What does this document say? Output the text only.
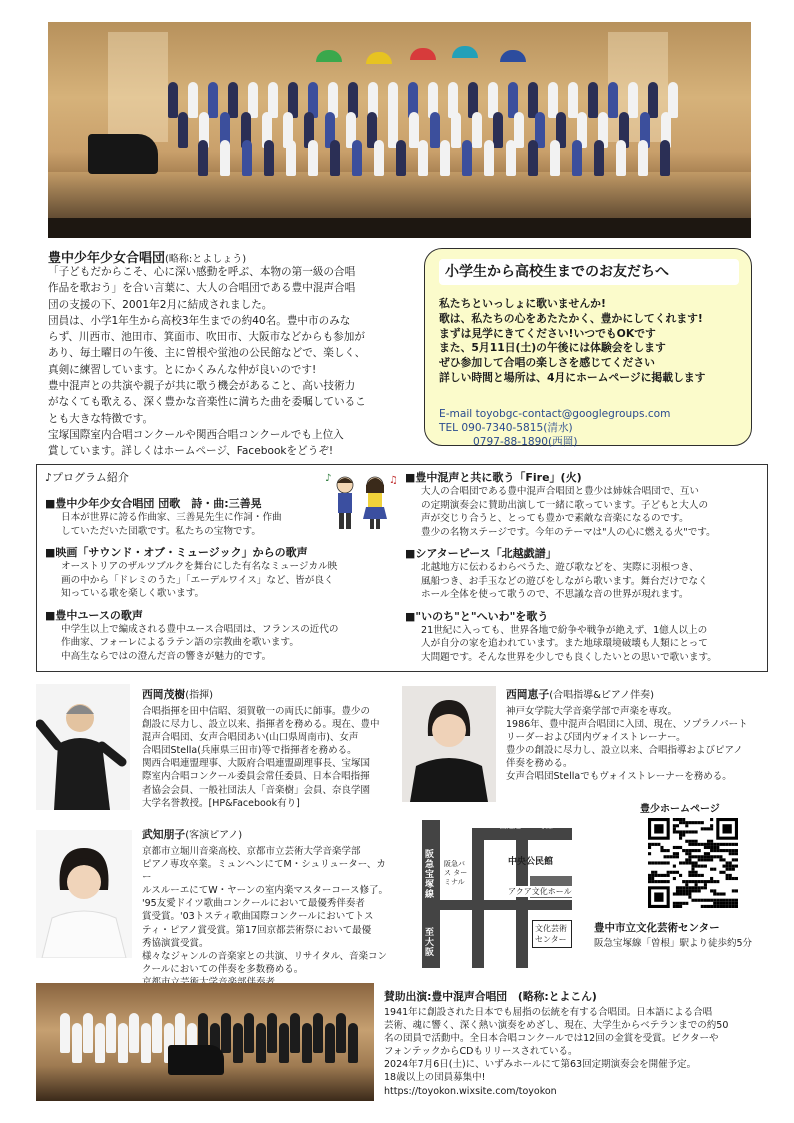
豊中少年少女合唱団(略称:とよしょう)
「子どもだからこそ、心に深い感動を呼ぶ、本物の第一級の合唱
作品を歌おう」を合い言葉に、大人の合唱団である豊中混声合唱
団の支援の下、2001年2月に結成されました。
団員は、小学1年生から高校3年生までの約40名。豊中市のみな
らず、川西市、池田市、箕面市、吹田市、大阪市などからも参加が
あり、毎土曜日の午後、主に曽根や蛍池の公民館などで、楽しく、
真剣に練習しています。とにかくみんな仲が良いのです!
豊中混声との共演や親子が共に歌う機会があること、高い技術力
がなくても歌える、深く豊かな音楽性に満ちた曲を委嘱しているこ
とも大きな特徴です。
宝塚国際室内合唱コンクールや関西合唱コンクールでも上位入
賞しています。詳しくはホームページ、Facebookをどうぞ!
小学生から高校生までのお友だちへ
私たちといっしょに歌いませんか!
歌は、私たちの心をあたたかく、豊かにしてくれます!
まずは見学にきてください!いつでもOKです
また、5月11日(土)の午後には体験会をします
ぜひ参加して合唱の楽しさを感じてください
詳しい時間と場所は、4月にホームページに掲載します
E-mail toyobgc-contact@googlegroups.com
TEL 090-7340-5815(清水)
0797-88-1890(西岡)
♪プログラム紹介
■豊中少年少女合唱団 団歌　詩・曲:三善晃
日本が世界に誇る作曲家、三善晃先生に作詞・作曲
していただいた団歌です。私たちの宝物です。
■映画「サウンド・オブ・ミュージック」からの歌声
オーストリアのザルツブルクを舞台にした有名なミュージカル映
画の中から「ドレミのうた」「エーデルワイス」など、皆が良く
知っている歌を楽しく歌います。
■豊中ユースの歌声
中学生以上で編成される豊中ユース合唱団は、フランスの近代の
作曲家、フォーレによるラテン語の宗教曲を歌います。
中高生ならではの澄んだ音の響きが魅力的です。
♪	♫ ■豊中混声と共に歌う「Fire」(火)
大人の合唱団である豊中混声合唱団と豊少は姉妹合唱団で、互い
の定期演奏会に賛助出演して一緒に歌っています。子どもと大人の
声が交じり合うと、とっても豊かで素敵な音楽になるのです。
豊少の名物ステージです。今年のテーマは"人の心に燃える火"です。
■シアターピース「北越戯譜」
北越地方に伝わるわらべうた、遊び歌などを、実際に羽根つき、
風船つき、お手玉などの遊びをしながら歌います。舞台だけでなく
ホール全体を使って歌うので、不思議な音の世界が現れます。
■"いのち"と"へいわ"を歌う
21世紀に入っても、世界各地で紛争や戦争が絶えず、1億人以上の
人が自分の家を追われています。また地球環境破壊も人類にとって
大問題です。そんな世界を少しでも良くしたいとの思いで歌います。
西岡茂樹(指揮)
合唱指揮を田中信昭、須賀敬一の両氏に師事。豊少の
創設に尽力し、設立以来、指揮者を務める。現在、豊中
混声合唱団、女声合唱団あい(山口県周南市)、女声
合唱団Stella(兵庫県三田市)等で指揮者を務める。
関西合唱連盟理事、大阪府合唱連盟副理事長、宝塚国
際室内合唱コンクール委員会常任委員、日本合唱指揮
者協会会員、一般社団法人「音楽樹」会員、奈良学園
大学名誉教授。[HP&Facebook有り]
西岡恵子(合唱指導&ピアノ伴奏)
神戸女学院大学音楽学部で声楽を専攻。
1986年、豊中混声合唱団に入団、現在、ソプラノパート
リーダーおよび団内ヴォイストレーナー。
豊少の創設に尽力し、設立以来、合唱指導およびピアノ
伴奏を務める。
女声合唱団Stellaでもヴォイストレーナーを務める。
武知朋子(客演ピアノ)
京都市立堀川音楽高校、京都市立芸術大学音楽学部
ピアノ専攻卒業。ミュンヘンにてM・シュリューター、カー
ルスルーエにてW・ヤーンの室内楽マスターコース修了。
'95友愛ドイツ歌曲コンクールにおいて最優秀伴奏者
賞受賞。'03トスティ歌曲国際コンクールにおいてトス
ティ・ピアノ賞受賞。第17回京都芸術祭において最優
秀協演賞受賞。
様々なジャンルの音楽家との共演、リサイタル、音楽コン
クールにおいての伴奏を多数務める。
↑国道道 176 号線→
阪急宝塚線
阪急バス ターミナル
中央公民館
アクア文化ホール
文化芸術 センター
至大阪
豊中市立文化芸術センター
阪急宝塚線「曽根」駅より徒歩約5分
豊少ホームページ
賛助出演:豊中混声合唱団　(略称:とよこん)
1941年に創設された日本でも屈指の伝統を有する合唱団。日本語による合唱
芸術、魂に響く、深く熱い演奏をめざし、現在、大学生からベテランまでの約50
名の団員で活動中。全日本合唱コンクールでは12回の金賞を受賞。ビクターや
フォンテックからCDもリリースされている。
2024年7月6日(土)に、いずみホールにて第63回定期演奏会を開催予定。
18歳以上の団員募集中!
https://toyokon.wixsite.com/toyokon
